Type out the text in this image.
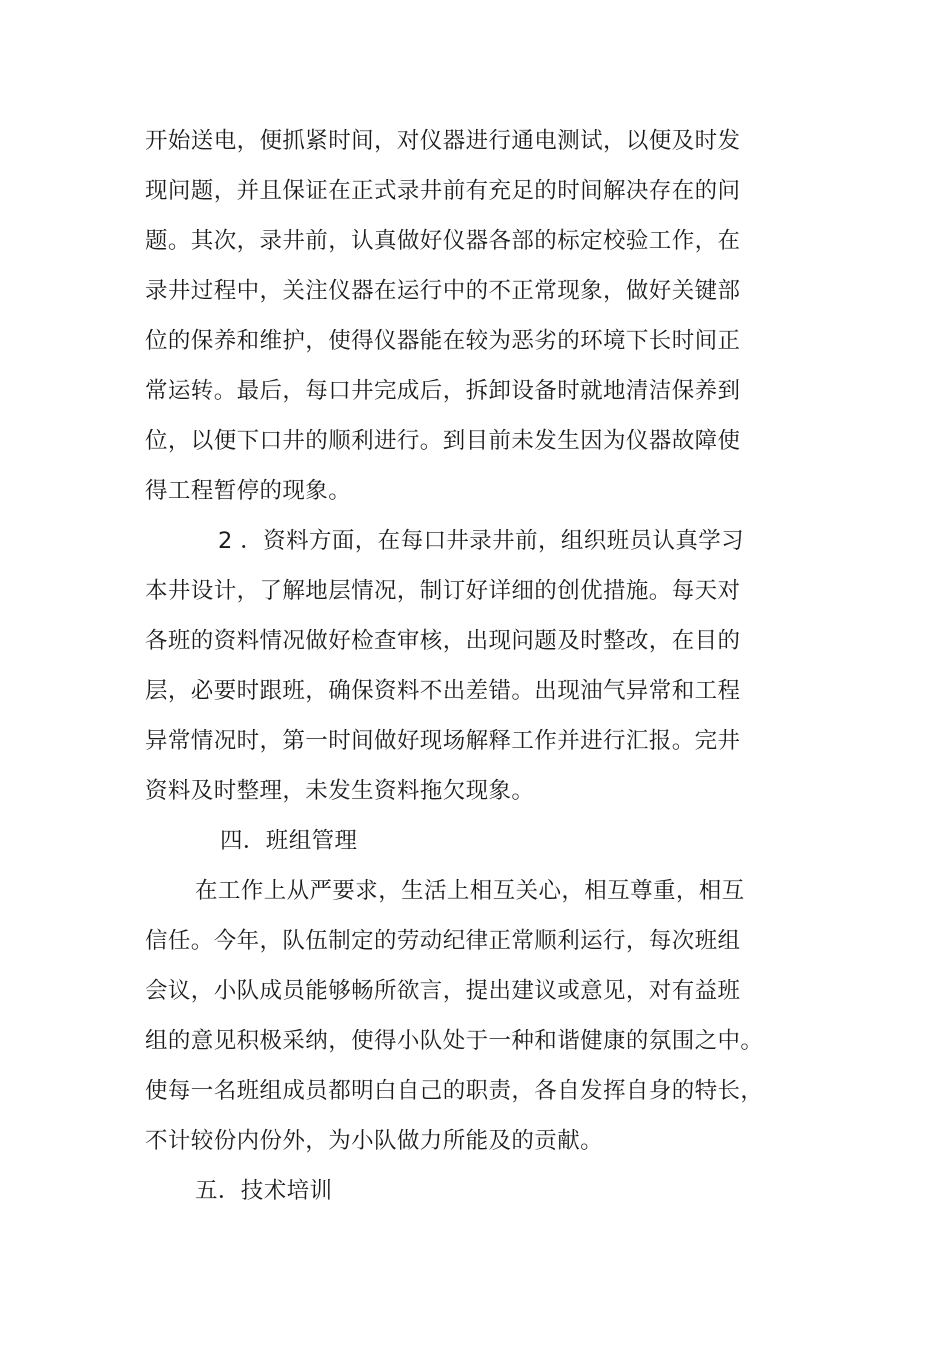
开始送电，便抓紧时间，对仪器进行通电测试，以便及时发

现问题，并且保证在正式录井前有充足的时间解决存在的问

题。其次，录井前，认真做好仪器各部的标定校验工作，在

录井过程中，关注仪器在运行中的不正常现象，做好关键部

位的保养和维护，使得仪器能在较为恶劣的环境下长时间正

常运转。最后，每口井完成后，拆卸设备时就地清洁保养到

位，以便下口井的顺利进行。到目前未发生因为仪器故障使

得工程暂停的现象。

2 ．资料方面，在每口井录井前，组织班员认真学习

本井设计，了解地层情况，制订好详细的创优措施。每天对

各班的资料情况做好检查审核，出现问题及时整改，在目的

层，必要时跟班，确保资料不出差错。出现油气异常和工程

异常情况时，第一时间做好现场解释工作并进行汇报。完井

资料及时整理，未发生资料拖欠现象。

四．班组管理

在工作上从严要求，生活上相互关心，相互尊重，相互

信任。今年，队伍制定的劳动纪律正常顺利运行，每次班组

会议，小队成员能够畅所欲言，提出建议或意见，对有益班

组的意见积极采纳，使得小队处于一种和谐健康的氛围之中。

使每一名班组成员都明白自己的职责，各自发挥自身的特长，

不计较份内份外，为小队做力所能及的贡献。

五．技术培训
